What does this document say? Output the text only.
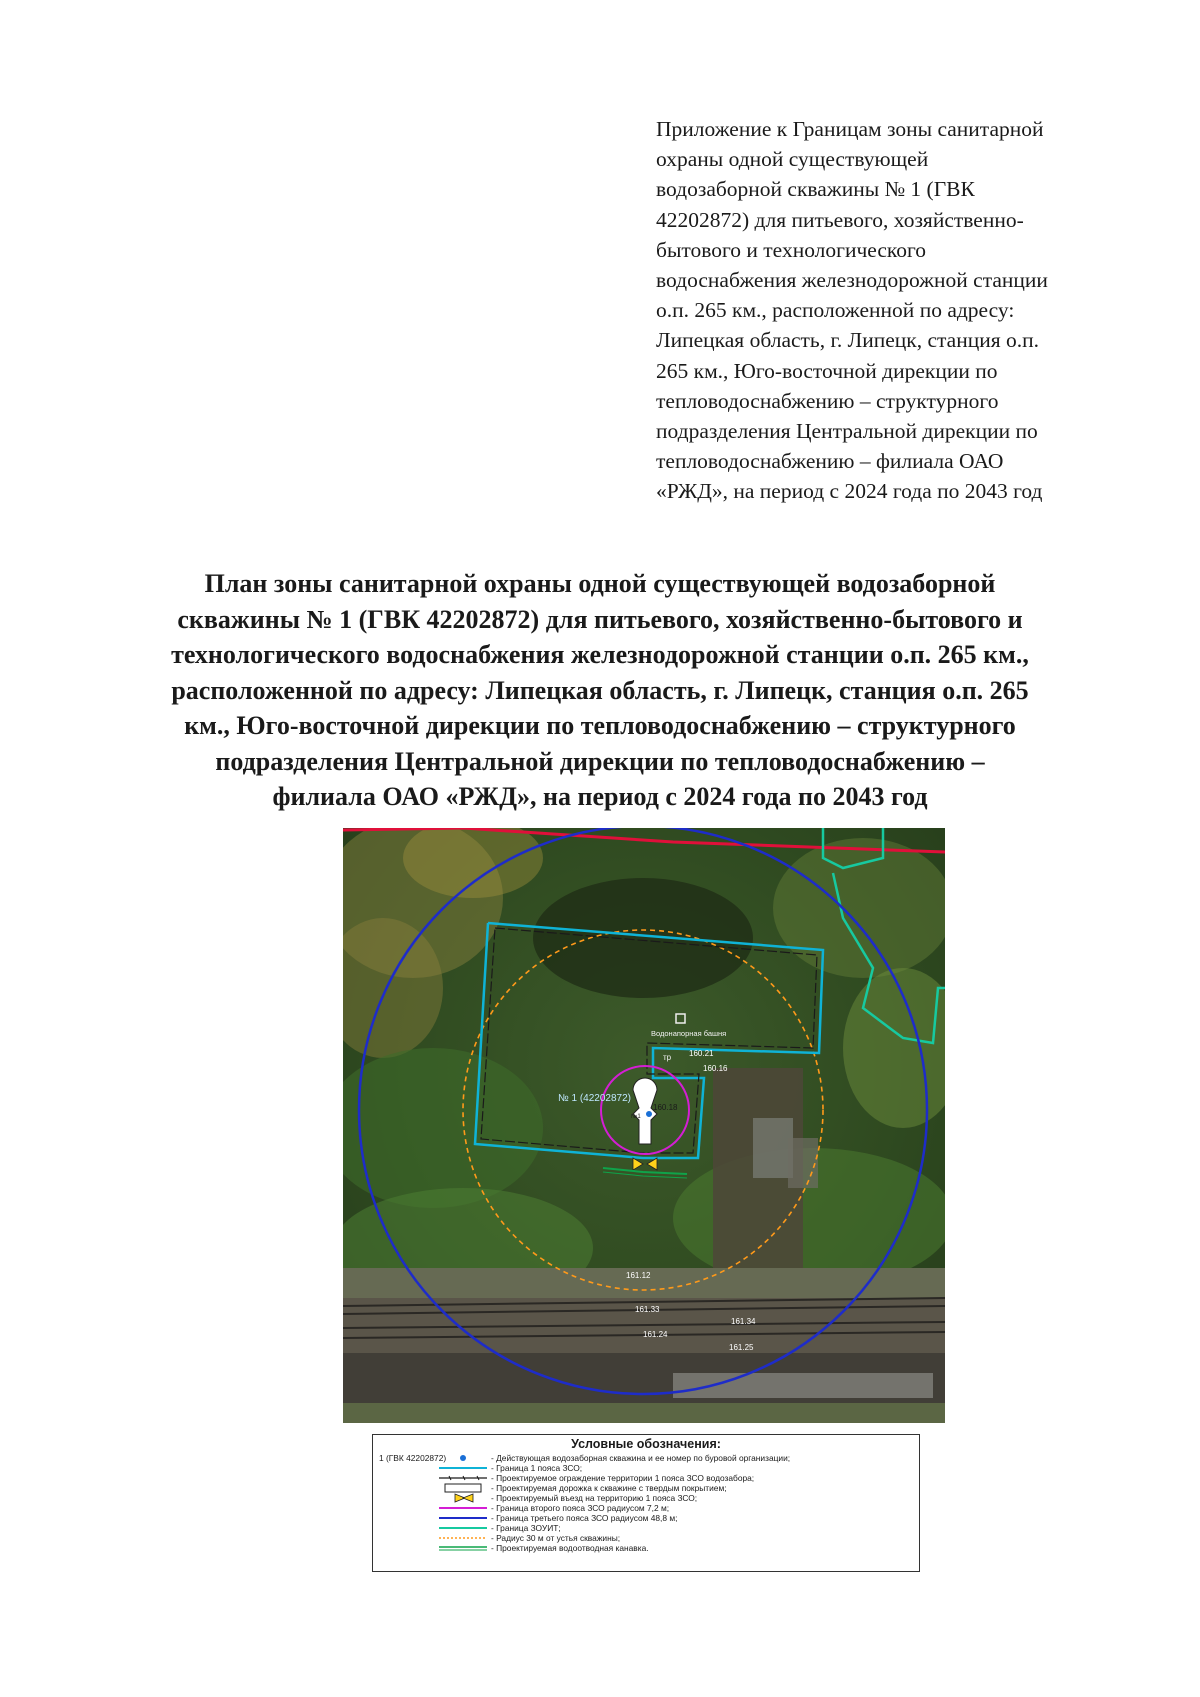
Приложение к Границам зоны санитарной
охраны одной существующей
водозаборной скважины № 1 (ГВК
42202872) для питьевого, хозяйственно-
бытового и технологического
водоснабжения железнодорожной станции
о.п. 265 км., расположенной по адресу:
Липецкая область, г. Липецк, станция о.п.
265 км., Юго-восточной дирекции по
тепловодоснабжению – структурного
подразделения Центральной дирекции по
тепловодоснабжению – филиала ОАО
«РЖД», на период с 2024 года по 2043 год
План зоны санитарной охраны одной существующей водозаборной
скважины № 1 (ГВК 42202872) для питьевого, хозяйственно-бытового и
технологического водоснабжения железнодорожной станции о.п. 265 км.,
расположенной по адресу: Липецкая область, г. Липецк, станция о.п. 265
км., Юго-восточной дирекции по тепловодоснабжению – структурного
подразделения Центральной дирекции по тепловодоснабжению –
филиала ОАО «РЖД», на период с 2024 года по 2043 год
Водонапорная башня
№ 1 (42202872)
тр 160.21
160.16
160.18
№1
161.12
161.33
161.34
161.24
161.25
Условные обозначения:
1 (ГВК 42202872)	- Действующая водозаборная скважина и ее номер по буровой организации;
- Граница 1 пояса ЗСО;
- Проектируемое ограждение территории 1 пояса ЗСО водозабора;
- Проектируемая дорожка к скважине с твердым покрытием;
- Проектируемый въезд на территорию 1 пояса ЗСО;
- Граница второго пояса ЗСО радиусом 7,2 м;
- Граница третьего пояса ЗСО радиусом 48,8 м;
- Граница ЗОУИТ;
- Радиус 30 м от устья скважины;
- Проектируемая водоотводная канавка.
